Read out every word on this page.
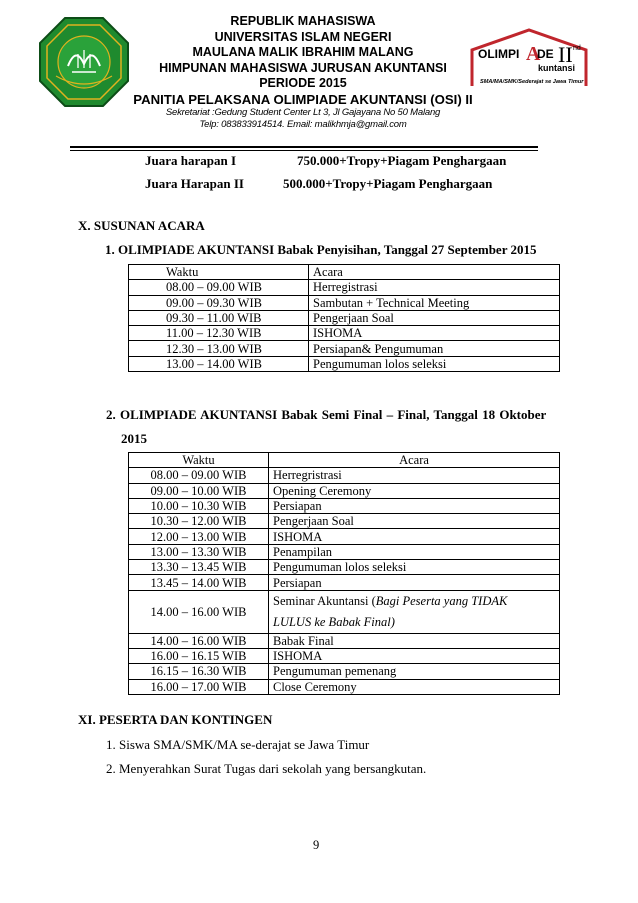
REPUBLIK MAHASISWA
UNIVERSITAS ISLAM NEGERI
MAULANA MALIK IBRAHIM MALANG
HIMPUNAN MAHASISWA JURUSAN AKUNTANSI
PERIODE 2015
PANITIA PELAKSANA OLIMPIADE AKUNTANSI (OSI) II
Sekretariat :Gedung Student Center Lt 3, Jl Gajayana No 50 Malang
Telp: 083833914514. Email: malikhmja@gmail.com
OLIMPI A
DE II nd
kuntansi
SMA/MA/SMK/Sederajat se Jawa Timur
Juara harapan I	750.000+Tropy+Piagam Penghargaan
Juara Harapan II	500.000+Tropy+Piagam Penghargaan
X. SUSUNAN ACARA
1. OLIMPIADE AKUNTANSI Babak Penyisihan, Tanggal 27 September 2015
Waktu	Acara
08.00 – 09.00 WIB	Herregistrasi
09.00 – 09.30 WIB	Sambutan + Technical Meeting
09.30 – 11.00 WIB	Pengerjaan Soal
11.00 – 12.30 WIB	ISHOMA
12.30 – 13.00 WIB	Persiapan& Pengumuman
13.00 – 14.00 WIB	Pengumuman lolos seleksi
2. OLIMPIADE AKUNTANSI Babak Semi Final – Final, Tanggal 18 Oktober
2015
Waktu	Acara
08.00 – 09.00 WIB	Herregristrasi
09.00 – 10.00 WIB	Opening Ceremony
10.00 – 10.30 WIB	Persiapan
10.30 – 12.00 WIB	Pengerjaan Soal
12.00 – 13.00 WIB	ISHOMA
13.00 – 13.30 WIB	Penampilan
13.30 – 13.45 WIB	Pengumuman lolos seleksi
13.45 – 14.00 WIB	Persiapan
14.00 – 16.00 WIB	Seminar Akuntansi (Bagi Peserta yang TIDAK
LULUS ke Babak Final)
14.00 – 16.00 WIB	Babak Final
16.00 – 16.15 WIB	ISHOMA
16.15 – 16.30 WIB	Pengumuman pemenang
16.00 – 17.00 WIB	Close Ceremony
XI. PESERTA DAN KONTINGEN
1. Siswa SMA/SMK/MA se-derajat se Jawa Timur
2. Menyerahkan Surat Tugas dari sekolah yang bersangkutan.
9
